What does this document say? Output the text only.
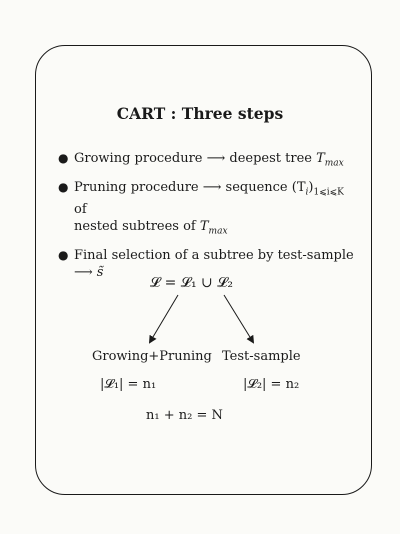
CART : Three steps
● Growing procedure ⟶ deepest tree $T_{max}$
● Pruning procedure ⟶ sequence $(T_i)_{1⩽i⩽K}$ of
nested subtrees of $T_{max}$
● Final selection of a subtree by test-sample ⟶ s̃
𝓛 = 𝓛₁ ∪ 𝓛₂
Growing+Pruning Test-sample
|𝓛₁| = n₁	|𝓛₂| = n₂
n₁ + n₂ = N
